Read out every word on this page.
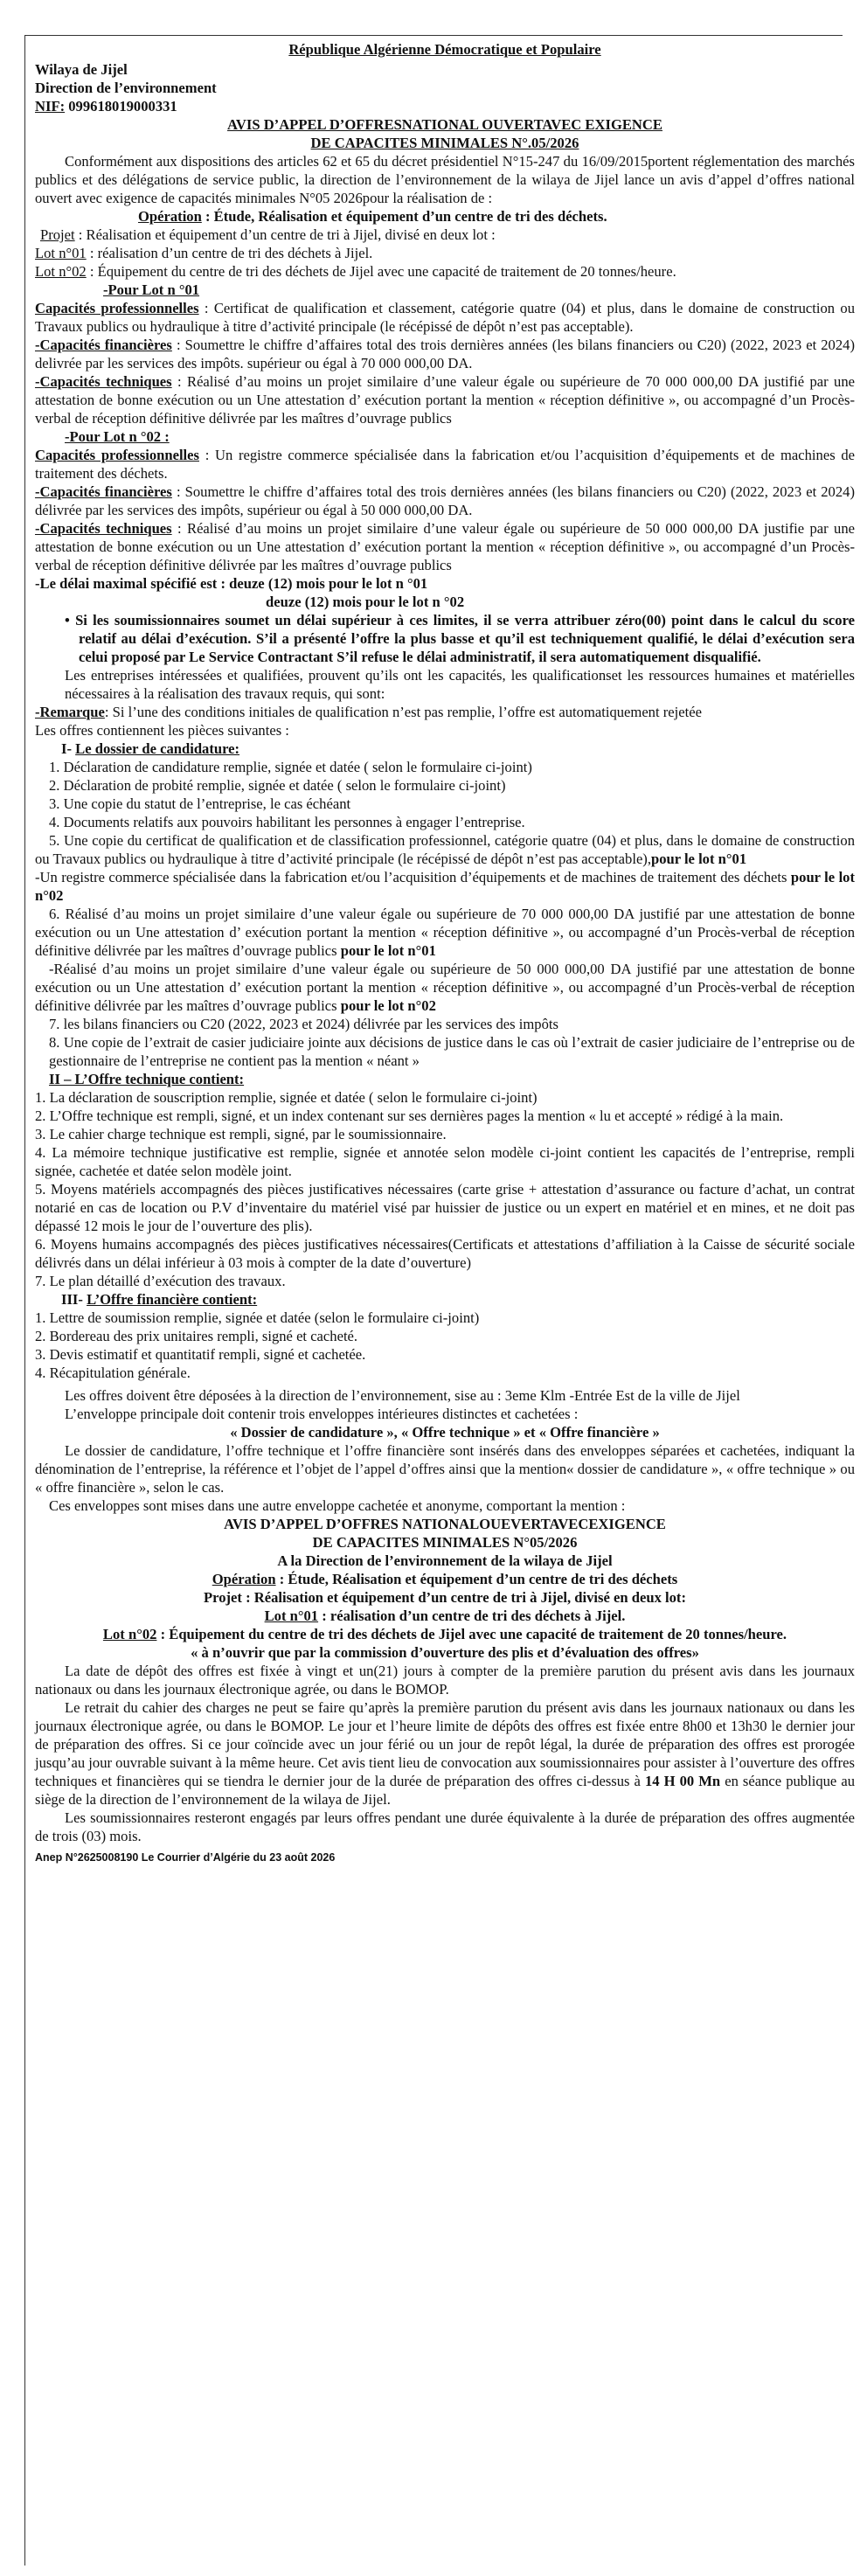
République Algérienne Démocratique et Populaire

Wilaya de Jijel

Direction de l’environnement

NIF: 099618019000331

AVIS D’APPEL D’OFFRESNATIONAL OUVERTAVEC EXIGENCE

DE CAPACITES MINIMALES N°.05/2026

Conformément aux dispositions des articles 62 et 65 du décret présidentiel N°15-247 du 16/09/2015portent réglementation des marchés publics et des délégations de service public, la direction de l’environnement de la wilaya de Jijel lance un avis d’appel d’offres national ouvert avec exigence de capacités minimales N°05 2026pour la réalisation de :

Opération : Étude, Réalisation et équipement d’un centre de tri des déchets.

Projet : Réalisation et équipement d’un centre de tri à Jijel, divisé en deux lot :

Lot n°01 : réalisation d’un centre de tri des déchets à Jijel.

Lot n°02 : Équipement du centre de tri des déchets de Jijel avec une capacité de traitement de 20 tonnes/heure.

-Pour Lot n °01

Capacités professionnelles : Certificat de qualification et classement, catégorie quatre (04) et plus, dans le domaine de construction ou Travaux publics ou hydraulique à titre d’activité principale (le récépissé de dépôt n’est pas acceptable).

-Capacités financières : Soumettre le chiffre d’affaires total des trois dernières années (les bilans financiers ou C20) (2022, 2023 et 2024) delivrée par les services des impôts. supérieur ou égal à 70 000 000,00 DA.

-Capacités techniques : Réalisé d’au moins un projet similaire d’une valeur égale ou supérieure de 70 000 000,00 DA justifié par une attestation de bonne exécution ou un Une attestation d’ exécution portant la mention « réception définitive », ou accompagné d’un Procès-verbal de réception définitive délivrée par les maîtres d’ouvrage publics

-Pour Lot n °02 :

Capacités professionnelles : Un registre commerce spécialisée dans la fabrication et/ou l’acquisition d’équipements et de machines de traitement des déchets.

-Capacités financières : Soumettre le chiffre d’affaires total des trois dernières années (les bilans financiers ou C20) (2022, 2023 et 2024) délivrée par les services des impôts, supérieur ou égal à 50 000 000,00 DA.

-Capacités techniques : Réalisé d’au moins un projet similaire d’une valeur égale ou supérieure de 50 000 000,00 DA justifie par une attestation de bonne exécution ou un Une attestation d’ exécution portant la mention « réception définitive », ou accompagné d’un Procès-verbal de réception définitive délivrée par les maîtres d’ouvrage publics

-Le délai maximal spécifié est : deuze (12) mois pour le lot n °01

deuze (12) mois pour le lot n °02

• Si les soumissionnaires soumet un délai supérieur à ces limites, il se verra attribuer zéro(00) point dans le calcul du score relatif au délai d’exécution. S’il a présenté l’offre la plus basse et qu’il est techniquement qualifié, le délai d’exécution sera celui proposé par Le Service Contractant S’il refuse le délai administratif, il sera automatiquement disqualifié.

Les entreprises intéressées et qualifiées, prouvent qu’ils ont les capacités, les qualificationset les ressources humaines et matérielles nécessaires à la réalisation des travaux requis, qui sont:

-Remarque: Si l’une des conditions initiales de qualification n’est pas remplie, l’offre est automatiquement rejetée

Les offres contiennent les pièces suivantes :

I- Le dossier de candidature:

1. Déclaration de candidature remplie, signée et datée ( selon le formulaire ci-joint)

2. Déclaration de probité remplie, signée et datée ( selon le formulaire ci-joint)

3. Une copie du statut de l’entreprise, le cas échéant

4. Documents relatifs aux pouvoirs habilitant les personnes à engager l’entreprise.

5. Une copie du certificat de qualification et de classification professionnel, catégorie quatre (04) et plus, dans le domaine de construction ou Travaux publics ou hydraulique à titre d’activité principale (le récépissé de dépôt n’est pas acceptable),pour le lot n°01

-Un registre commerce spécialisée dans la fabrication et/ou l’acquisition d’équipements et de machines de traitement des déchets pour le lot n°02

6. Réalisé d’au moins un projet similaire d’une valeur égale ou supérieure de 70 000 000,00 DA justifié par une attestation de bonne exécution ou un Une attestation d’ exécution portant la mention « réception définitive », ou accompagné d’un Procès-verbal de réception définitive délivrée par les maîtres d’ouvrage publics pour le lot n°01

-Réalisé d’au moins un projet similaire d’une valeur égale ou supérieure de 50 000 000,00 DA justifié par une attestation de bonne exécution ou un Une attestation d’ exécution portant la mention « réception définitive », ou accompagné d’un Procès-verbal de réception définitive délivrée par les maîtres d’ouvrage publics pour le lot n°02

7. les bilans financiers ou C20 (2022, 2023 et 2024) délivrée par les services des impôts

8. Une copie de l’extrait de casier judiciaire jointe aux décisions de justice dans le cas où l’extrait de casier judiciaire de l’entreprise ou de gestionnaire de l’entreprise ne contient pas la mention « néant »

II – L’Offre technique contient:

1. La déclaration de souscription remplie, signée et datée ( selon le formulaire ci-joint)

2. L’Offre technique est rempli, signé, et un index contenant sur ses dernières pages la mention « lu et accepté » rédigé à la main.

3. Le cahier charge technique est rempli, signé, par le soumissionnaire.

4. La mémoire technique justificative est remplie, signée et annotée selon modèle ci-joint contient les capacités de l’entreprise, rempli signée, cachetée et datée selon modèle joint.

5. Moyens matériels accompagnés des pièces justificatives nécessaires (carte grise + attestation d’assurance ou facture d’achat, un contrat notarié en cas de location ou P.V d’inventaire du matériel visé par huissier de justice ou un expert en matériel et en mines, et ne doit pas dépassé 12 mois le jour de l’ouverture des plis).

6. Moyens humains accompagnés des pièces justificatives nécessaires(Certificats et attestations d’affiliation à la Caisse de sécurité sociale délivrés dans un délai inférieur à 03 mois à compter de la date d’ouverture)

7. Le plan détaillé d’exécution des travaux.

III- L’Offre financière contient:

1. Lettre de soumission remplie, signée et datée (selon le formulaire ci-joint)

2. Bordereau des prix unitaires rempli, signé et cacheté.

3. Devis estimatif et quantitatif rempli, signé et cachetée.

4. Récapitulation générale.

Les offres doivent être déposées à la direction de l’environnement, sise au : 3eme Klm -Entrée Est de la ville de Jijel

L’enveloppe principale doit contenir trois enveloppes intérieures distinctes et cachetées :

« Dossier de candidature », « Offre technique » et « Offre financière »

Le dossier de candidature, l’offre technique et l’offre financière sont insérés dans des enveloppes séparées et cachetées, indiquant la dénomination de l’entreprise, la référence et l’objet de l’appel d’offres ainsi que la mention« dossier de candidature », « offre technique » ou « offre financière », selon le cas.

Ces enveloppes sont mises dans une autre enveloppe cachetée et anonyme, comportant la mention :

AVIS D’APPEL D’OFFRES NATIONALOUEVERTAVECEXIGENCE

DE CAPACITES MINIMALES N°05/2026

A la Direction de l’environnement de la wilaya de Jijel

Opération : Étude, Réalisation et équipement d’un centre de tri des déchets

Projet : Réalisation et équipement d’un centre de tri à Jijel, divisé en deux lot:

Lot n°01 : réalisation d’un centre de tri des déchets à Jijel.

Lot n°02 : Équipement du centre de tri des déchets de Jijel avec une capacité de traitement de 20 tonnes/heure.

« à n’ouvrir que par la commission d’ouverture des plis et d’évaluation des offres»

La date de dépôt des offres est fixée à vingt et un(21) jours à compter de la première parution du présent avis dans les journaux nationaux ou dans les journaux électronique agrée, ou dans le BOMOP.

Le retrait du cahier des charges ne peut se faire qu’après la première parution du présent avis dans les journaux nationaux ou dans les journaux électronique agrée, ou dans le BOMOP. Le jour et l’heure limite de dépôts des offres est fixée entre 8h00 et 13h30 le dernier jour de préparation des offres. Si ce jour coïncide avec un jour férié ou un jour de repôt légal, la durée de préparation des offres est prorogée jusqu’au jour ouvrable suivant à la même heure. Cet avis tient lieu de convocation aux soumissionnaires pour assister à l’ouverture des offres techniques et financières qui se tiendra le dernier jour de la durée de préparation des offres ci-dessus à 14 H 00 Mn en séance publique au siège de la direction de l’environnement de la wilaya de Jijel.

Les soumissionnaires resteront engagés par leurs offres pendant une durée équivalente à la durée de préparation des offres augmentée de trois (03) mois.

Anep N°2625008190 Le Courrier d’Algérie du 23 août 2026
